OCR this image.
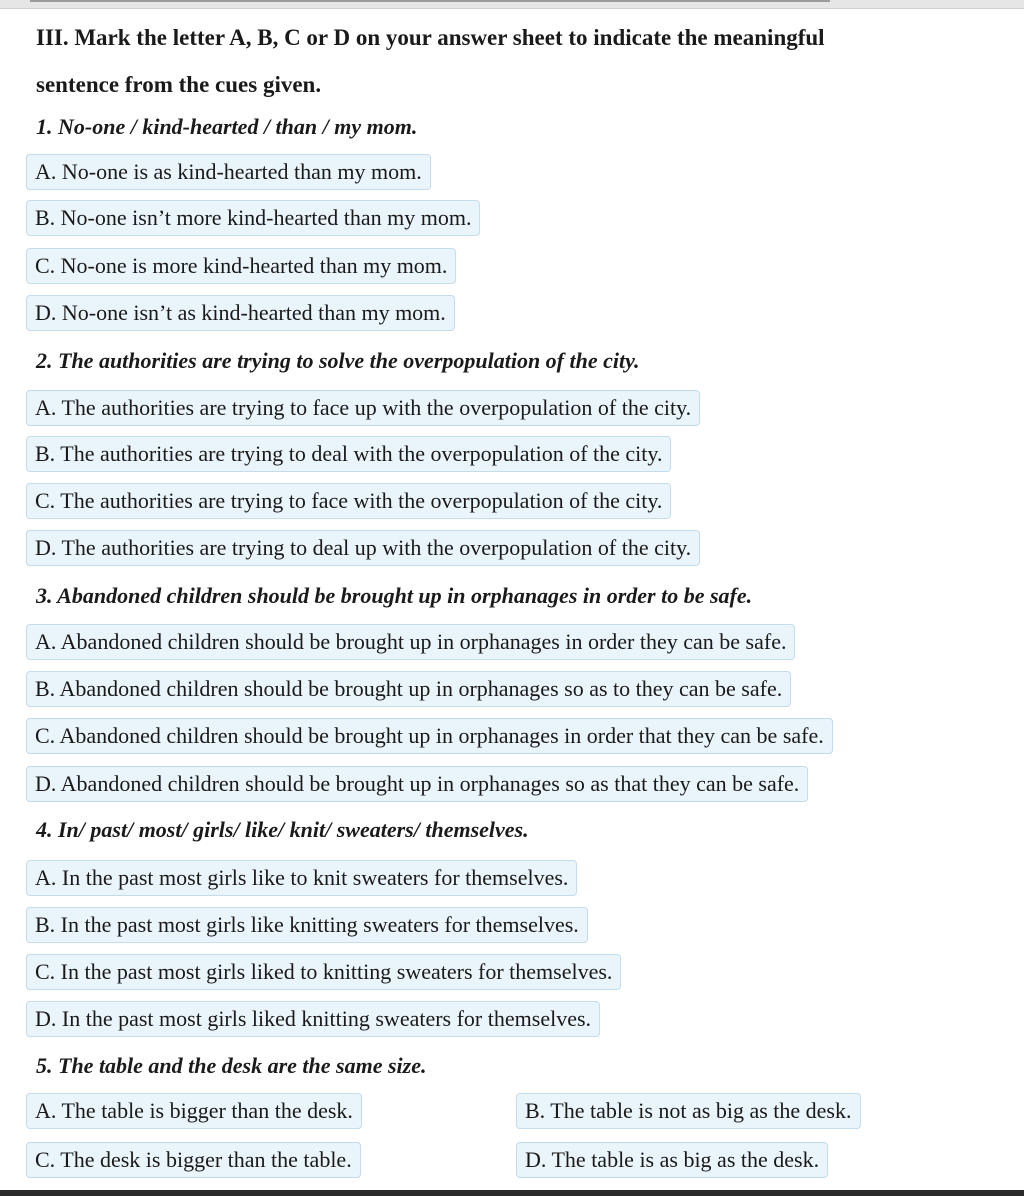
III. Mark the letter A, B, C or D on your answer sheet to indicate the meaningful
sentence from the cues given.

1. No-one / kind-hearted / than / my mom.

A. No-one is as kind-hearted than my mom.
B. No-one isn’t more kind-hearted than my mom.
C. No-one is more kind-hearted than my mom.
D. No-one isn’t as kind-hearted than my mom.

2. The authorities are trying to solve the overpopulation of the city.

A. The authorities are trying to face up with the overpopulation of the city.
B. The authorities are trying to deal with the overpopulation of the city.
C. The authorities are trying to face with the overpopulation of the city.
D. The authorities are trying to deal up with the overpopulation of the city.

3. Abandoned children should be brought up in orphanages in order to be safe.

A. Abandoned children should be brought up in orphanages in order they can be safe.
B. Abandoned children should be brought up in orphanages so as to they can be safe.
C. Abandoned children should be brought up in orphanages in order that they can be safe.
D. Abandoned children should be brought up in orphanages so as that they can be safe.

4. In/ past/ most/ girls/ like/ knit/ sweaters/ themselves.

A. In the past most girls like to knit sweaters for themselves.
B. In the past most girls like knitting sweaters for themselves.
C. In the past most girls liked to knitting sweaters for themselves.
D. In the past most girls liked knitting sweaters for themselves.

5. The table and the desk are the same size.

A. The table is bigger than the desk.	B. The table is not as big as the desk.
C. The desk is bigger than the table.	D. The table is as big as the desk.
